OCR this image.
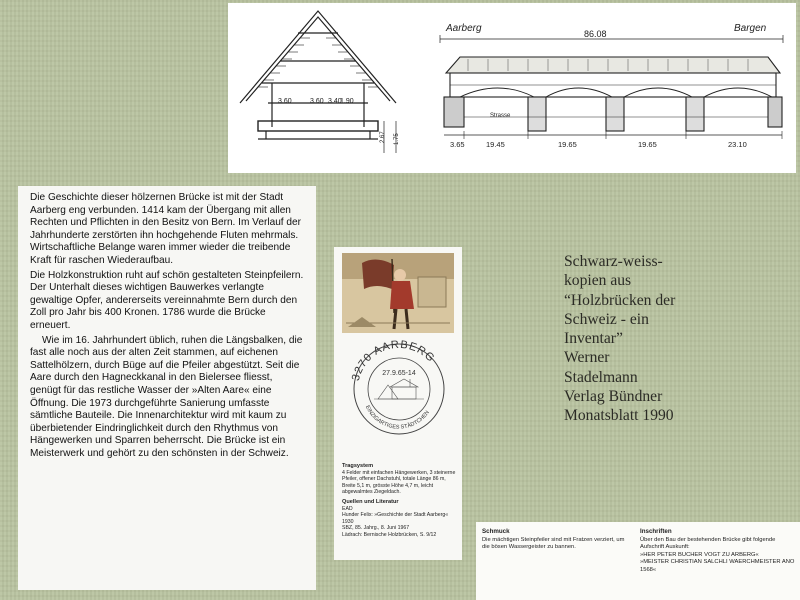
3.60	3.60 3.40
1.90
2.67 1.75
Aarberg	Bargen
86.08
Strasse
3.65	19.45	19.65	19.65	23.10

Die Geschichte dieser hölzernen Brücke ist mit der Stadt Aarberg eng verbunden. 1414 kam der Übergang mit allen Rechten und Pflichten in den Besitz von Bern. Im Verlauf der Jahrhunderte zerstörten ihn hochgehende Fluten mehrmals. Wirtschaftliche Belange waren immer wieder die treibende Kraft für raschen Wiederaufbau.

Die Holzkonstruktion ruht auf schön gestalteten Steinpfeilern. Der Unterhalt dieses wichtigen Bauwerkes verlangte gewaltige Opfer, andererseits vereinnahmte Bern durch den Zoll pro Jahr bis 400 Kronen. 1786 wurde die Brücke erneuert.

Wie im 16. Jahrhundert üblich, ruhen die Längsbalken, die fast alle noch aus der alten Zeit stammen, auf eichenen Sattelhölzern, durch Büge auf die Pfeiler abgestützt. Seit die Aare durch den Hagneckkanal in den Bielersee fliesst, genügt für das restliche Wasser der »Alten Aare« eine Öffnung. Die 1973 durchgeführte Sanierung umfasste sämtliche Bauteile. Die Innenarchitektur wird mit kaum zu überbietender Eindringlichkeit durch den Rhythmus von Hängewerken und Sparren beherrscht. Die Brücke ist ein Meisterwerk und gehört zu den schönsten in der Schweiz.

3270 AARBERG
EINZIGARTIGES STÄDTCHEN
27.9.65-14
Tragsystem
4 Felder mit einfachen Hängewerken, 3 steinerne Pfeiler, offener Dachstuhl, totale Länge 86 m, Breite 5,1 m, grösste Höhe 4,7 m, leicht abgewalmtes Ziegeldach.
Quellen und Literatur
EAD
Hunder Felix: »Geschichte der Stadt Aarberg« 1930
SBZ, 85. Jahrg., 8. Juni 1967
Lädrach: Bernische Holzbrücken, S. 9/12
Schwarz-weiss-
kopien aus
“Holzbrücken der
Schweiz - ein
Inventar”
Werner
Stadelmann
Verlag Bündner
Monatsblatt 1990
Schmuck
Die mächtigen Steinpfeiler sind mit Fratzen verziert, um die bösen Wassergeister zu bannen.
Inschriften
Über den Bau der bestehenden Brücke gibt folgende Aufschrift Auskunft:
»HER PETER BUCHER VOGT ZU ARBERG«
»MEISTER CHRISTIAN SALCHLI WAERCHMEISTER ANO 1568«
